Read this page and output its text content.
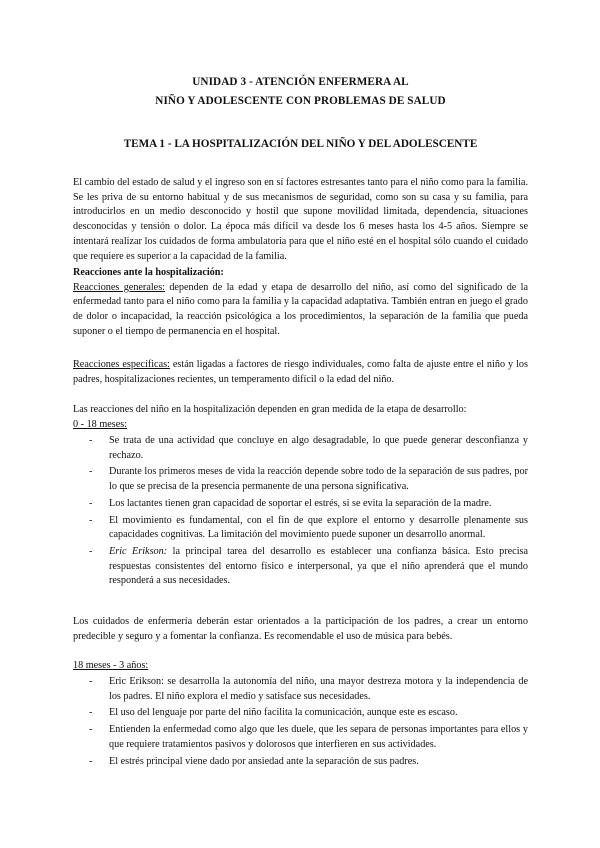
UNIDAD 3 - ATENCIÓN ENFERMERA AL
NIÑO Y ADOLESCENTE CON PROBLEMAS DE SALUD
TEMA 1 - LA HOSPITALIZACIÓN DEL NIÑO Y DEL ADOLESCENTE
El cambio del estado de salud y el ingreso son en sí factores estresantes tanto para el niño como para la familia. Se les priva de su entorno habitual y de sus mecanismos de seguridad, como son su casa y su familia, para introducirlos en un medio desconocido y hostil que supone movilidad limitada, dependencia, situaciones desconocidas y tensión o dolor. La época más difícil va desde los 6 meses hasta los 4-5 años. Siempre se intentará realizar los cuidados de forma ambulatoria para que el niño esté en el hospital sólo cuando el cuidado que requiere es superior a la capacidad de la familia.
Reacciones ante la hospitalización:
Reacciones generales: dependen de la edad y etapa de desarrollo del niño, así como del significado de la enfermedad tanto para el niño como para la familia y la capacidad adaptativa. También entran en juego el grado de dolor o incapacidad, la reacción psicológica a los procedimientos, la separación de la familia que pueda suponer o el tiempo de permanencia en el hospital.
Reacciones específicas: están ligadas a factores de riesgo individuales, como falta de ajuste entre el niño y los padres, hospitalizaciones recientes, un temperamento difícil o la edad del niño.
Las reacciones del niño en la hospitalización dependen en gran medida de la etapa de desarrollo:
0 - 18 meses:
- Se trata de una actividad que concluye en algo desagradable, lo que puede generar desconfianza y rechazo.
- Durante los primeros meses de vida la reacción depende sobre todo de la separación de sus padres, por lo que se precisa de la presencia permanente de una persona significativa.
- Los lactantes tienen gran capacidad de soportar el estrés, si se evita la separación de la madre.
- El movimiento es fundamental, con el fin de que explore el entorno y desarrolle plenamente sus capacidades cognitivas. La limitación del movimiento puede suponer un desarrollo anormal.
- Eric Erikson: la principal tarea del desarrollo es establecer una confianza básica. Esto precisa respuestas consistentes del entorno físico e interpersonal, ya que el niño aprenderá que el mundo responderá a sus necesidades.
Los cuidados de enfermería deberán estar orientados a la participación de los padres, a crear un entorno predecible y seguro y a fomentar la confianza. Es recomendable el uso de música para bebés.
18 meses - 3 años:
- Eric Erikson: se desarrolla la autonomía del niño, una mayor destreza motora y la independencia de los padres. El niño explora el medio y satisface sus necesidades.
- El uso del lenguaje por parte del niño facilita la comunicación, aunque este es escaso.
- Entienden la enfermedad como algo que les duele, que les separa de personas importantes para ellos y que requiere tratamientos pasivos y dolorosos que interfieren en sus actividades.
- El estrés principal viene dado por ansiedad ante la separación de sus padres.
